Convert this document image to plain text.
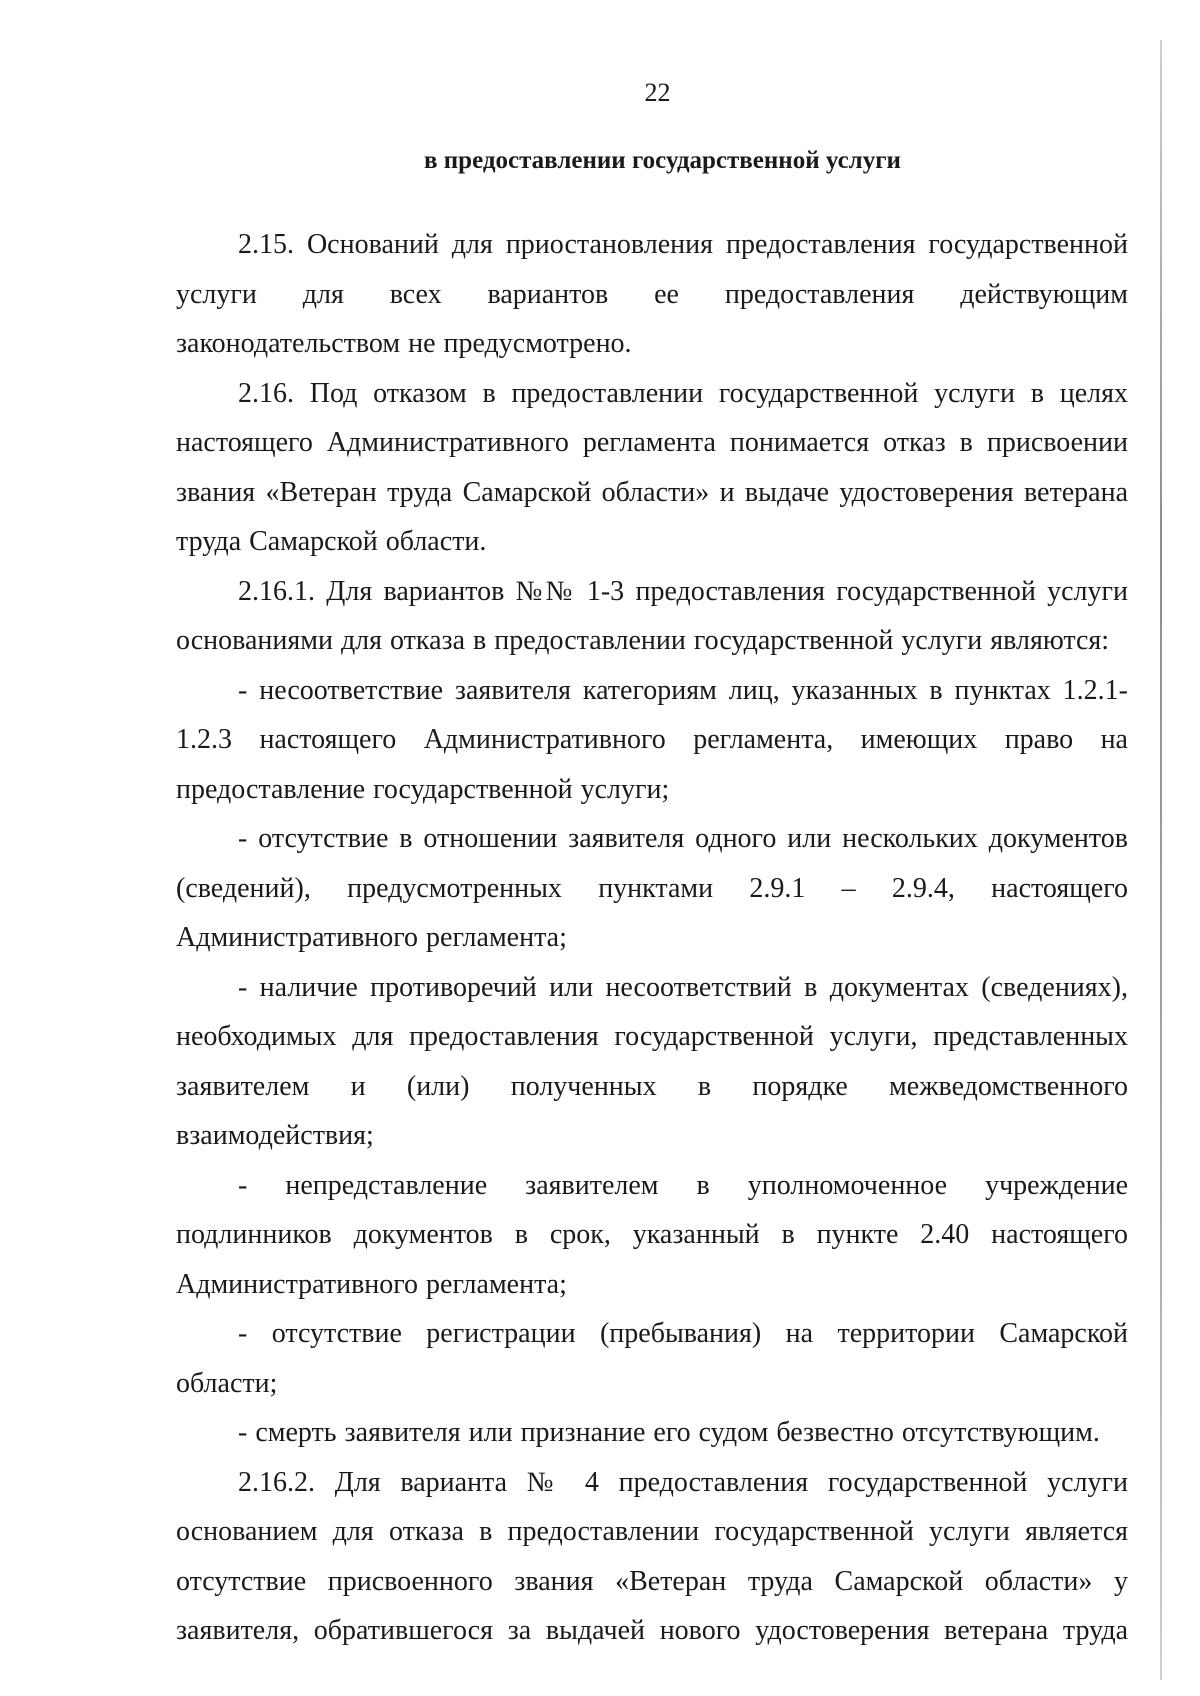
22
в предоставлении государственной услуги

2.15. Оснований для приостановления предоставления государственной услуги для всех вариантов ее предоставления действующим законодательством не предусмотрено.

2.16. Под отказом в предоставлении государственной услуги в целях настоящего Административного регламента понимается отказ в присвоении звания «Ветеран труда Самарской области» и выдаче удостоверения ветерана труда Самарской области.

2.16.1. Для вариантов №№ 1-3 предоставления государственной услуги основаниями для отказа в предоставлении государственной услуги являются:

- несоответствие заявителя категориям лиц, указанных в пунктах 1.2.1-1.2.3 настоящего Административного регламента, имеющих право на предоставление государственной услуги;

- отсутствие в отношении заявителя одного или нескольких документов (сведений), предусмотренных пунктами 2.9.1 – 2.9.4, настоящего Административного регламента;

- наличие противоречий или несоответствий в документах (сведениях), необходимых для предоставления государственной услуги, представленных заявителем и (или) полученных в порядке межведомственного взаимодействия;

- непредставление заявителем в уполномоченное учреждение подлинников документов в срок, указанный в пункте 2.40 настоящего Административного регламента;

- отсутствие регистрации (пребывания) на территории Самарской области;

- смерть заявителя или признание его судом безвестно отсутствующим.

2.16.2. Для варианта № 4 предоставления государственной услуги основанием для отказа в предоставлении государственной услуги является отсутствие присвоенного звания «Ветеран труда Самарской области» у заявителя, обратившегося за выдачей нового удостоверения ветерана труда
